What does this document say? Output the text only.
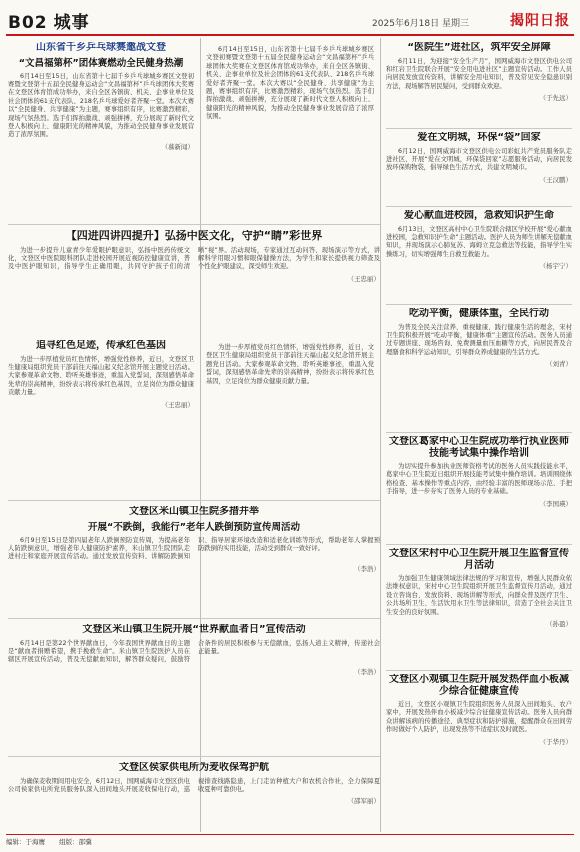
B02 城事	2025年6月18日 星期三	揭阳日报
山东省千乡乒乓球赛邀战文登
“文昌福第杯”团体赛燃动全民健身热潮
6月14日至15日，山东省第十七届千乡乒乓球城乡赛区文登初赛暨文登第十五届全民健身运动会“文昌福第杯”乒乓球团体大奖赛在文登区体育馆成功举办，来自全区各镇街、机关、企事业单位及社会团体的61支代表队、218名乒乓球爱好者齐聚一堂。本次大赛以“全民健身、共享健康”为主题，赛事组织有序，比赛激烈精彩，现场气氛热烈。选手们挥拍激战、顽强拼搏，充分展现了新时代文登人积极向上、健康阳光的精神风貌，为推动全民健身事业发展营造了浓厚氛围。
（慕新闻）
【四进四讲四提升】弘扬中医文化，守护“睛”彩世界
为进一步提升儿童青少年爱眼护眼意识，弘扬中医药传统文化，文登区中医院眼科团队走进校园开展近视防控健康宣讲，普及中医护眼知识，指导学生正确用眼，共同守护孩子们的清晰“视”界。活动现场，专家通过互动问答、现场演示等方式，讲解科学用眼习惯和眼保健操方法，为学生和家长提供视力筛查及个性化护眼建议，深受师生欢迎。
（王忠丽）
追寻红色足迹，传承红色基因
为进一步厚植党员红色情怀，增强党性修养，近日，文登区卫生健康局组织党员干部前往天福山起义纪念馆开展主题党日活动。大家参观革命文物、聆听英雄事迹，重温入党誓词，深刻感悟革命先辈的崇高精神，纷纷表示将传承红色基因，立足岗位为群众健康贡献力量。
（王忠丽）
为进一步厚植党员红色情怀，增强党性修养，近日，文登区卫生健康局组织党员干部前往天福山起义纪念馆开展主题党日活动。大家参观革命文物、聆听英雄事迹，重温入党誓词，深刻感悟革命先辈的崇高精神，纷纷表示将传承红色基因，立足岗位为群众健康贡献力量。
文登区米山镇卫生院多措并举
开展“不跌倒，我能行”老年人跌倒预防宣传周活动
6月9日至15日是第四届老年人跌倒预防宣传周，为提高老年人防跌倒意识，增强老年人健康防护素养，米山镇卫生院团队走进村庄和家庭开展宣传活动。通过发放宣传资料、讲解防跌倒知识、指导居家环境改造和适老化训练等形式，帮助老年人掌握预防跌倒的实用技能，活动受到群众一致好评。
（李浩）
文登区米山镇卫生院开展“世界献血者日”宣传活动
6月14日是第22个世界献血日，今年我国世界献血日的主题是“献血者捐赠希望，携手挽救生命”。米山镇卫生院医护人员在辖区开展宣传活动，普及无偿献血知识，解答群众疑问，鼓励符合条件的居民积极参与无偿献血，弘扬人道主义精神，传递社会正能量。
（李浩）
文登区侯家供电所为麦收保驾护航
为确保麦收期间用电安全，6月12日，国网威海市文登区供电公司侯家供电所党员服务队深入田间地头开展麦收保电行动，巡视排查线路隐患，上门走访种植大户和农机合作社，全力保障夏收夏种可靠供电。
（邵军丽）
6月14日至15日，山东省第十七届千乡乒乓球城乡赛区文登初赛暨文登第十五届全民健身运动会“文昌福第杯”乒乓球团体大奖赛在文登区体育馆成功举办，来自全区各镇街、机关、企事业单位及社会团体的61支代表队、218名乒乓球爱好者齐聚一堂。本次大赛以“全民健身、共享健康”为主题，赛事组织有序，比赛激烈精彩，现场气氛热烈。选手们挥拍激战、顽强拼搏，充分展现了新时代文登人积极向上、健康阳光的精神风貌，为推动全民健身事业发展营造了浓厚氛围。
“医院生”进社区，筑牢安全屏障
6月11日，为迎接“安全生产月”，国网威海市文登区供电公司和红岩卫生院联合开展“安全用电进社区”主题宣传活动。工作人员向居民发放宣传资料，讲解安全用电知识，普及常见安全隐患识别方法，现场解答居民疑问，受到群众欢迎。
（于先远）
爱在文明城，环保“袋”回家
6月12日，国网威海市文登区供电公司彩虹共产党员服务队走进社区，开展“爱在文明城，环保袋回家”志愿服务活动，向居民发放环保购物袋，倡导绿色生活方式，共建文明城市。
（王汉鹏）
爱心献血进校园，急救知识护生命
6月13日，文登区高村中心卫生院联合辖区学校开展“爱心献血进校园，急救知识护生命”主题活动。医护人员为师生讲解无偿献血知识，并现场演示心肺复苏、海姆立克急救法等技能，指导学生实操练习，切实增强师生自救互救能力。
（杨宇宁）
吃动平衡，健康体重，全民行动
为普及全民关注营养、重视健康、践行健康生活的理念，宋村卫生院积极开展“吃动平衡，健康体重”主题宣传活动。医务人员通过专题讲座、现场咨询、免费测量血压血糖等方式，向居民普及合理膳食和科学运动知识，引导群众养成健康的生活方式。
（刘青）
文登区葛家中心卫生院成功举行执业医师技能考试集中操作培训
为切实提升参加执业医师资格考试的医务人员实践技能水平，葛家中心卫生院近日组织开展技能考试集中操作培训。培训围绕体格检查、基本操作等重点内容，由经验丰富的医师现场示范、手把手指导，进一步夯实了医务人员的专业基础。
（李国瑛）
文登区宋村中心卫生院开展卫生监督宣传月活动
为加强卫生健康领域法律法规的学习和宣传，增强人民群众依法维权意识，宋村中心卫生院组织开展卫生监督宣传月活动，通过设立咨询台、发放资料、现场讲解等形式，向群众普及医疗卫生、公共场所卫生、生活饮用水卫生等法律知识，营造了全社会关注卫生安全的良好氛围。
（孙盈）
文登区小观镇卫生院开展发热伴血小板减少综合征健康宣传
近日，文登区小观镇卫生院组织医务人员深入田间地头、农户家中，开展发热伴血小板减少综合征健康宣传活动。医务人员向群众讲解该病的传播途径、典型症状和防护措施，提醒群众在田间劳作时做好个人防护，出现发热等不适症状及时就医。
（于华丹）
编辑：于海鹰 组版：邵骥
